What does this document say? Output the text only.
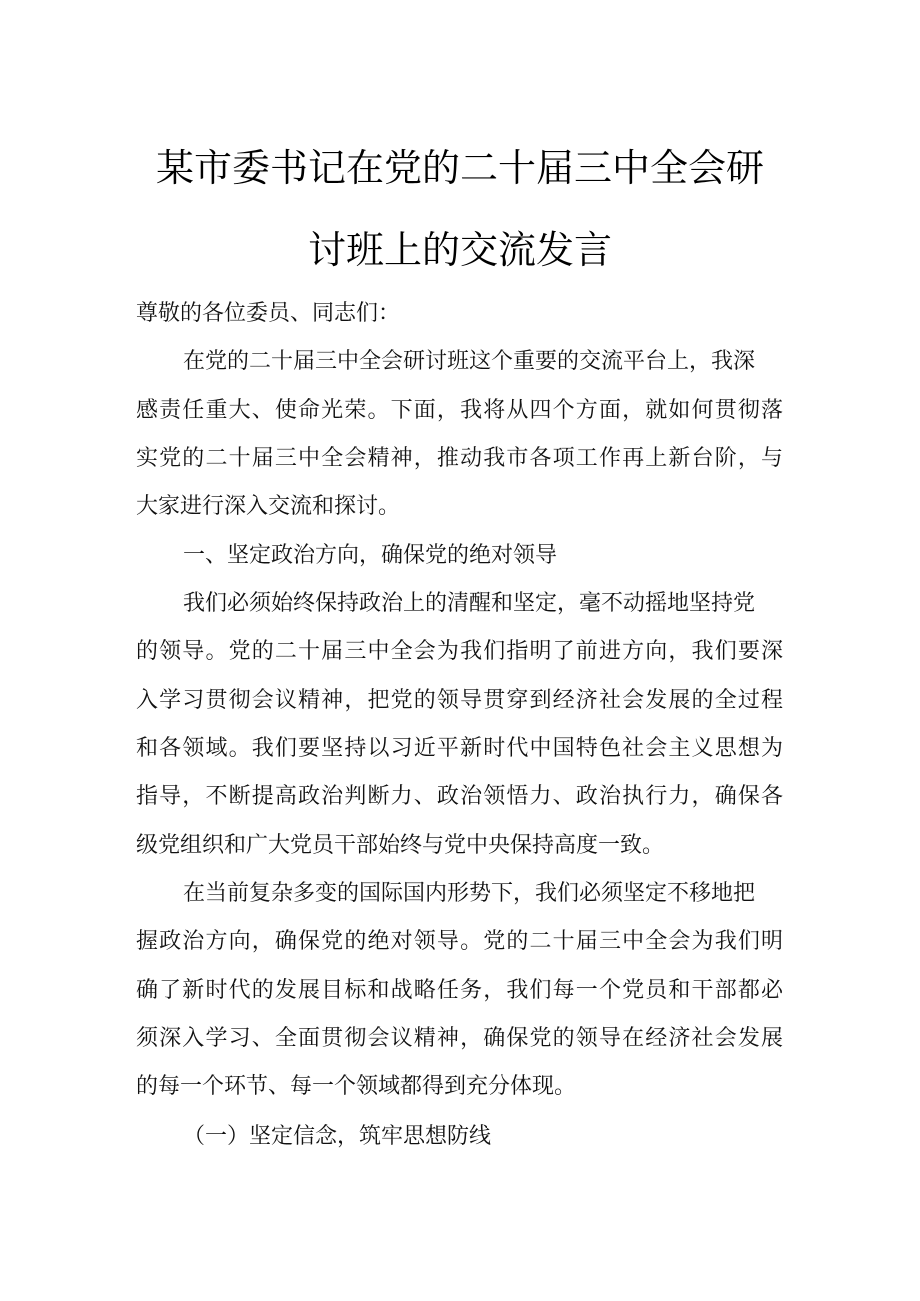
某市委书记在党的二十届三中全会研
讨班上的交流发言
尊敬的各位委员、同志们：
在党的二十届三中全会研讨班这个重要的交流平台上，我深
感责任重大、使命光荣。下面，我将从四个方面，就如何贯彻落
实党的二十届三中全会精神，推动我市各项工作再上新台阶，与
大家进行深入交流和探讨。
一、坚定政治方向，确保党的绝对领导
我们必须始终保持政治上的清醒和坚定，毫不动摇地坚持党
的领导。党的二十届三中全会为我们指明了前进方向，我们要深
入学习贯彻会议精神，把党的领导贯穿到经济社会发展的全过程
和各领域。我们要坚持以习近平新时代中国特色社会主义思想为
指导，不断提高政治判断力、政治领悟力、政治执行力，确保各
级党组织和广大党员干部始终与党中央保持高度一致。
在当前复杂多变的国际国内形势下，我们必须坚定不移地把
握政治方向，确保党的绝对领导。党的二十届三中全会为我们明
确了新时代的发展目标和战略任务，我们每一个党员和干部都必
须深入学习、全面贯彻会议精神，确保党的领导在经济社会发展
的每一个环节、每一个领域都得到充分体现。
（一）坚定信念，筑牢思想防线
